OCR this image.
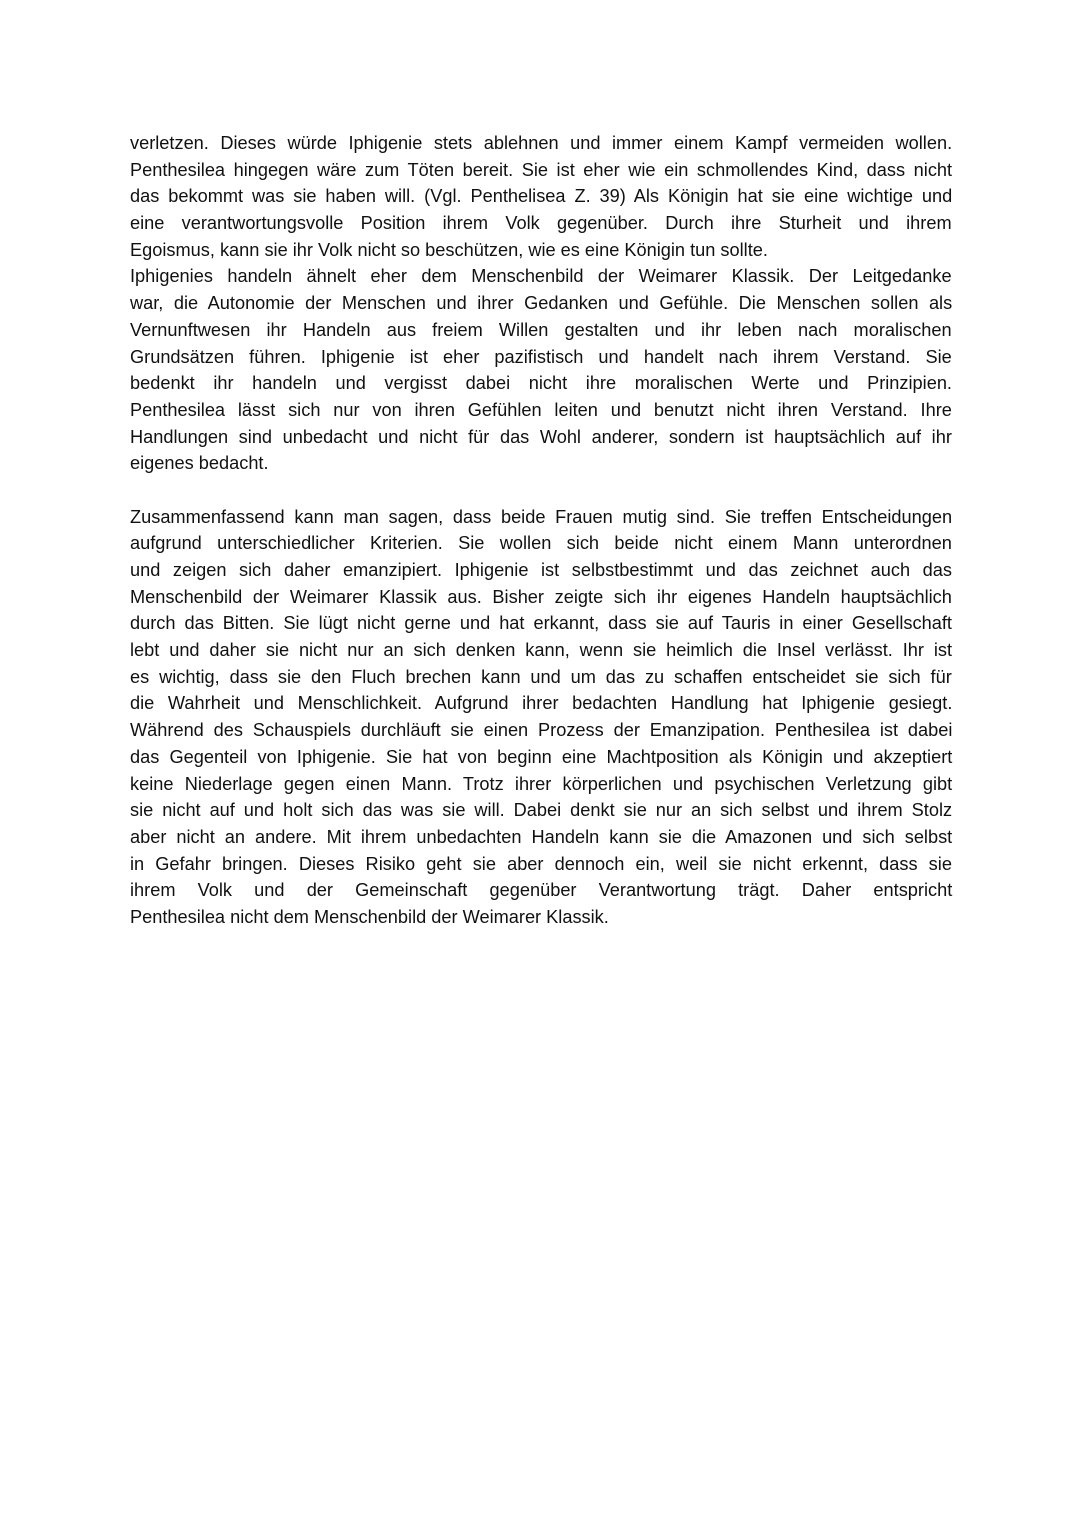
verletzen. Dieses würde Iphigenie stets ablehnen und immer einem Kampf vermeiden wollen.
Penthesilea hingegen wäre zum Töten bereit. Sie ist eher wie ein schmollendes Kind, dass nicht
das bekommt was sie haben will. (Vgl. Penthelisea Z. 39) Als Königin hat sie eine wichtige und
eine verantwortungsvolle Position ihrem Volk gegenüber. Durch ihre Sturheit und ihrem
Egoismus, kann sie ihr Volk nicht so beschützen, wie es eine Königin tun sollte.
Iphigenies handeln ähnelt eher dem Menschenbild der Weimarer Klassik. Der Leitgedanke
war, die Autonomie der Menschen und ihrer Gedanken und Gefühle. Die Menschen sollen als
Vernunftwesen ihr Handeln aus freiem Willen gestalten und ihr leben nach moralischen
Grundsätzen führen. Iphigenie ist eher pazifistisch und handelt nach ihrem Verstand. Sie
bedenkt ihr handeln und vergisst dabei nicht ihre moralischen Werte und Prinzipien.
Penthesilea lässt sich nur von ihren Gefühlen leiten und benutzt nicht ihren Verstand. Ihre
Handlungen sind unbedacht und nicht für das Wohl anderer, sondern ist hauptsächlich auf ihr
eigenes bedacht.
Zusammenfassend kann man sagen, dass beide Frauen mutig sind. Sie treffen Entscheidungen
aufgrund unterschiedlicher Kriterien. Sie wollen sich beide nicht einem Mann unterordnen
und zeigen sich daher emanzipiert. Iphigenie ist selbstbestimmt und das zeichnet auch das
Menschenbild der Weimarer Klassik aus. Bisher zeigte sich ihr eigenes Handeln hauptsächlich
durch das Bitten. Sie lügt nicht gerne und hat erkannt, dass sie auf Tauris in einer Gesellschaft
lebt und daher sie nicht nur an sich denken kann, wenn sie heimlich die Insel verlässt. Ihr ist
es wichtig, dass sie den Fluch brechen kann und um das zu schaffen entscheidet sie sich für
die Wahrheit und Menschlichkeit. Aufgrund ihrer bedachten Handlung hat Iphigenie gesiegt.
Während des Schauspiels durchläuft sie einen Prozess der Emanzipation. Penthesilea ist dabei
das Gegenteil von Iphigenie. Sie hat von beginn eine Machtposition als Königin und akzeptiert
keine Niederlage gegen einen Mann. Trotz ihrer körperlichen und psychischen Verletzung gibt
sie nicht auf und holt sich das was sie will. Dabei denkt sie nur an sich selbst und ihrem Stolz
aber nicht an andere. Mit ihrem unbedachten Handeln kann sie die Amazonen und sich selbst
in Gefahr bringen. Dieses Risiko geht sie aber dennoch ein, weil sie nicht erkennt, dass sie
ihrem Volk und der Gemeinschaft gegenüber Verantwortung trägt. Daher entspricht
Penthesilea nicht dem Menschenbild der Weimarer Klassik.
